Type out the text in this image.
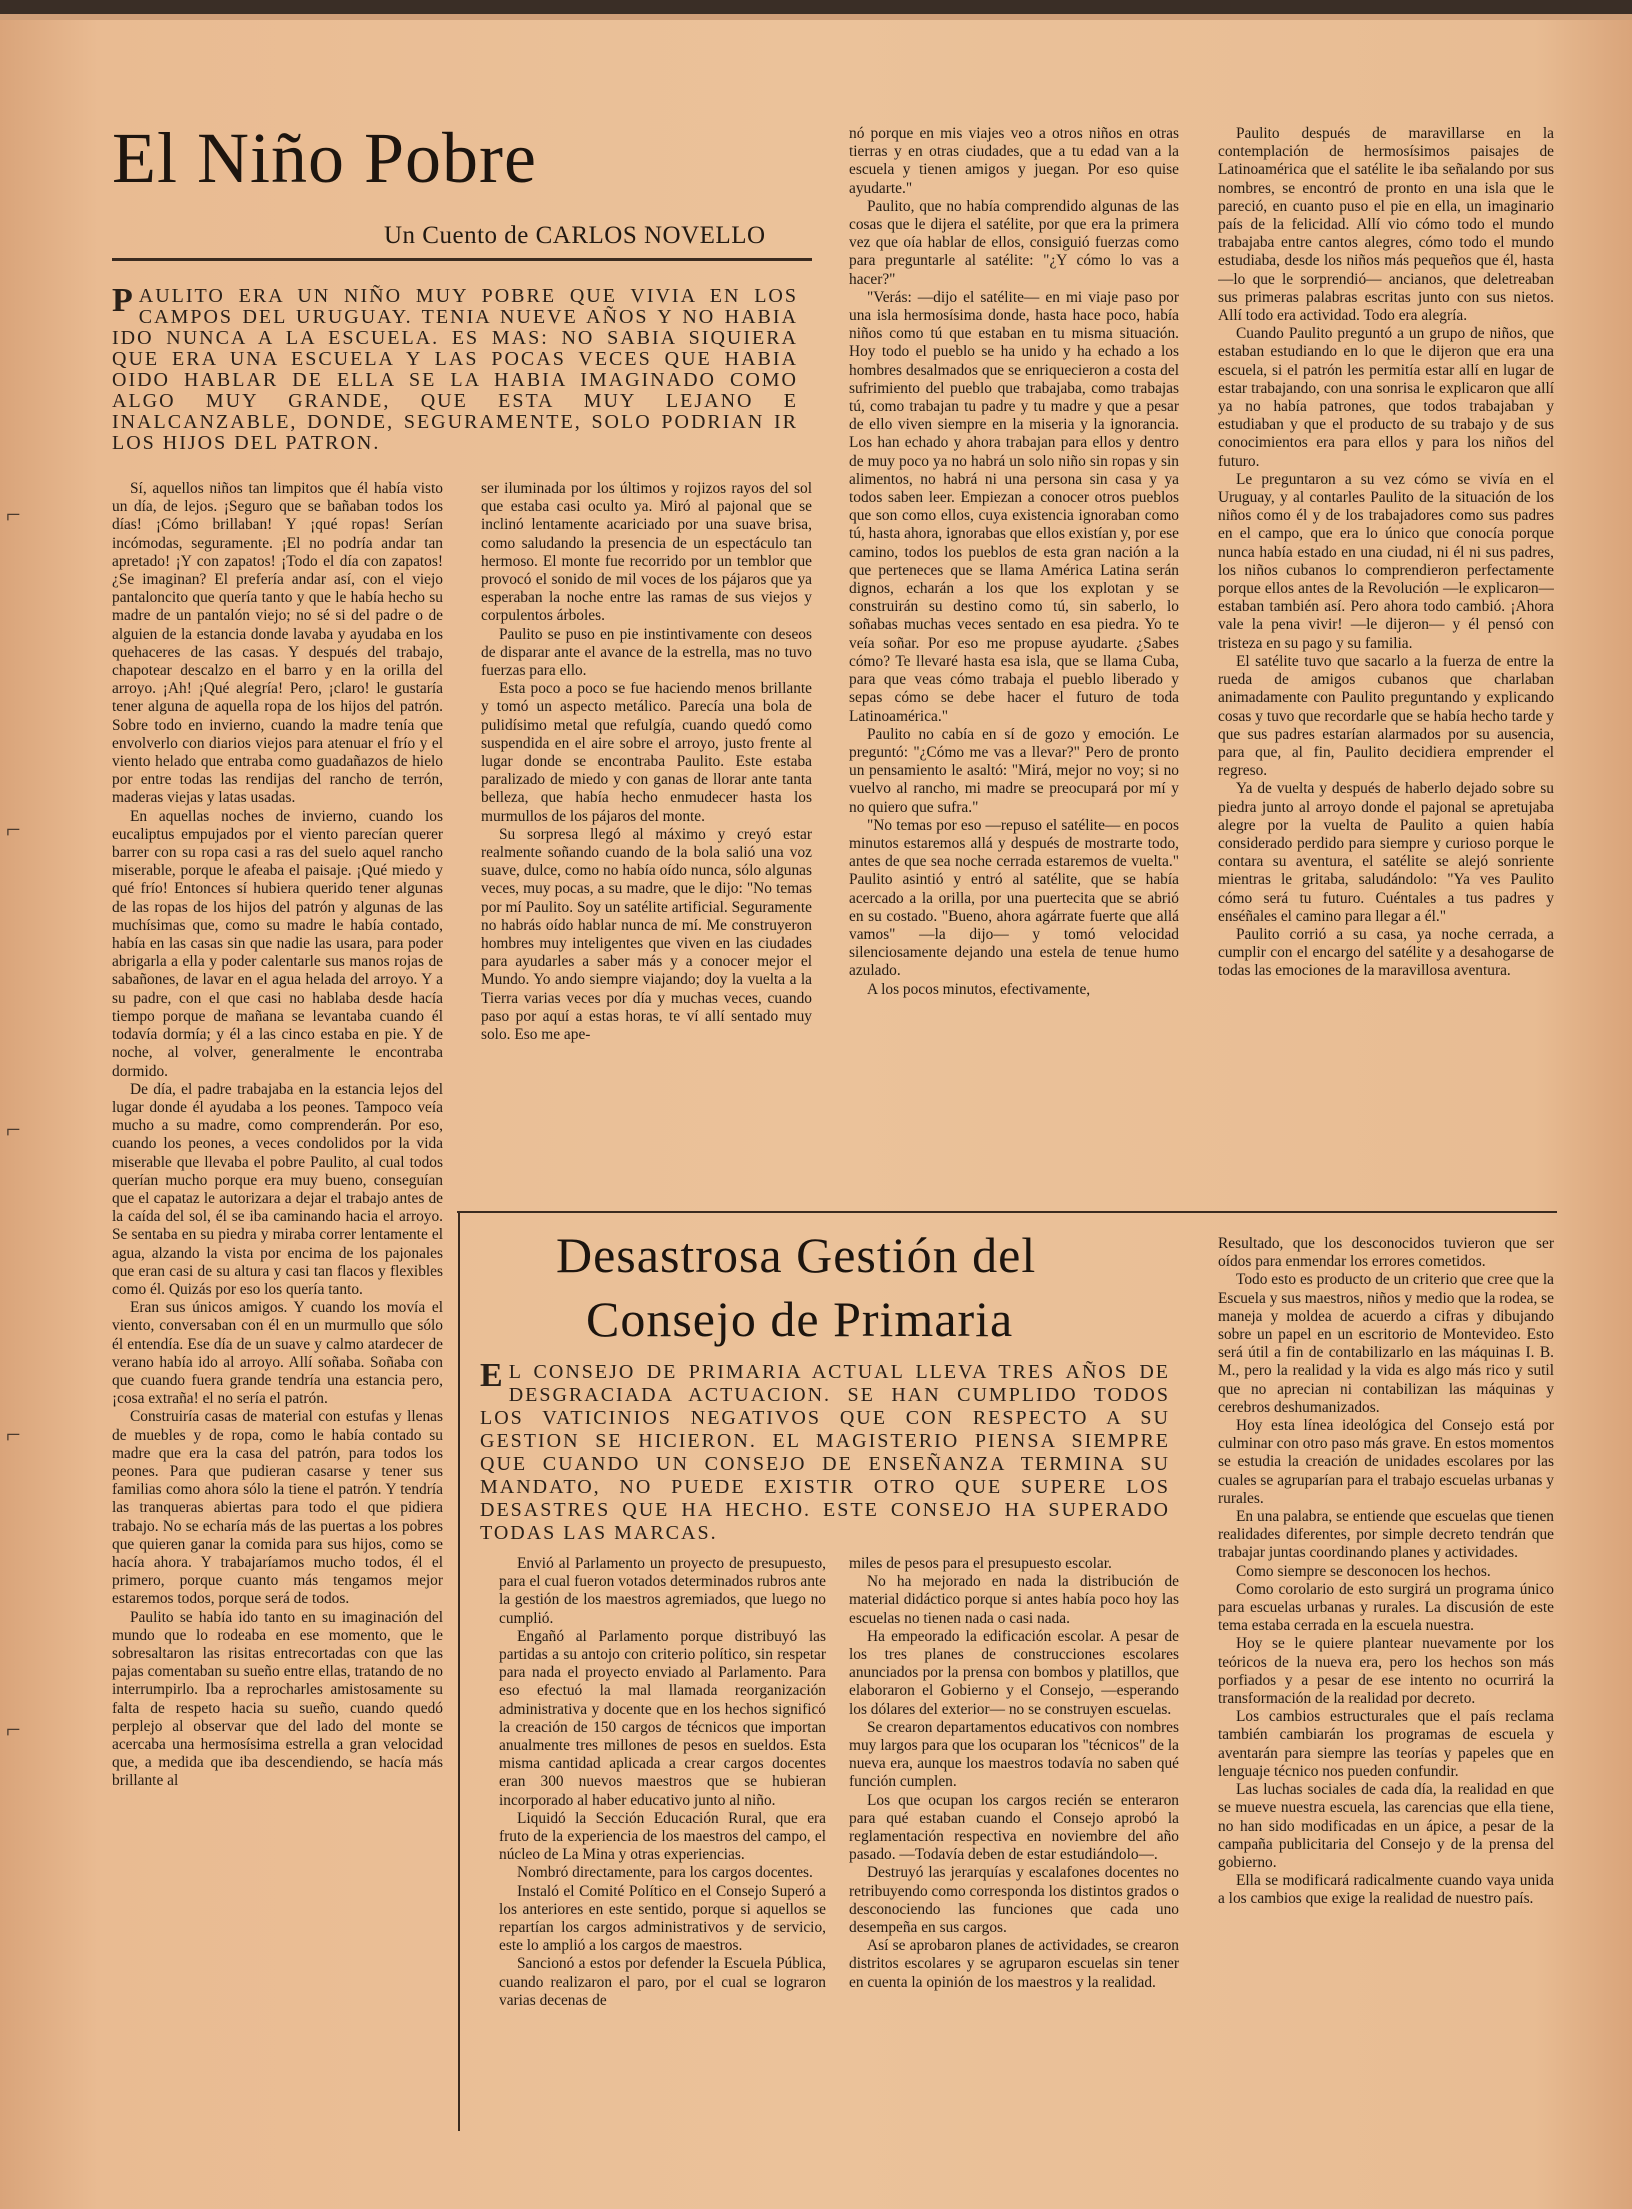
El Niño Pobre
Un Cuento de CARLOS NOVELLO
P AULITO ERA UN NIÑO MUY POBRE QUE VIVIA EN LOS CAMPOS DEL URUGUAY. TENIA NUEVE AÑOS Y NO HABIA IDO NUNCA A LA ESCUELA. ES MAS: NO SABIA SIQUIERA QUE ERA UNA ESCUELA Y LAS POCAS VECES QUE HABIA OIDO HABLAR DE ELLA SE LA HABIA IMAGINADO COMO ALGO MUY GRANDE, QUE ESTA MUY LEJANO E INALCANZABLE, DONDE, SEGURAMENTE, SOLO PODRIAN IR LOS HIJOS DEL PATRON.

Sí, aquellos niños tan limpitos que él había visto un día, de lejos. ¡Seguro que se bañaban todos los días! ¡Cómo brillaban! Y ¡qué ropas! Serían incómodas, seguramente. ¡El no podría andar tan apretado! ¡Y con zapatos! ¡Todo el día con zapatos! ¿Se imaginan? El prefería andar así, con el viejo pantaloncito que quería tanto y que le había hecho su madre de un pantalón viejo; no sé si del padre o de alguien de la estancia donde lavaba y ayudaba en los quehaceres de las casas. Y después del trabajo, chapotear descalzo en el barro y en la orilla del arroyo. ¡Ah! ¡Qué alegría! Pero, ¡claro! le gustaría tener alguna de aquella ropa de los hijos del patrón. Sobre todo en invierno, cuando la madre tenía que envolverlo con diarios viejos para atenuar el frío y el viento helado que entraba como guadañazos de hielo por entre todas las rendijas del rancho de terrón, maderas viejas y latas usadas.

En aquellas noches de invierno, cuando los eucaliptus empujados por el viento parecían querer barrer con su ropa casi a ras del suelo aquel rancho miserable, porque le afeaba el paisaje. ¡Qué miedo y qué frío! Entonces sí hubiera querido tener algunas de las ropas de los hijos del patrón y algunas de las muchísimas que, como su madre le había contado, había en las casas sin que nadie las usara, para poder abrigarla a ella y poder calentarle sus manos rojas de sabañones, de lavar en el agua helada del arroyo. Y a su padre, con el que casi no hablaba desde hacía tiempo porque de mañana se levantaba cuando él todavía dormía; y él a las cinco estaba en pie. Y de noche, al volver, generalmente le encontraba dormido.

De día, el padre trabajaba en la estancia lejos del lugar donde él ayudaba a los peones. Tampoco veía mucho a su madre, como comprenderán. Por eso, cuando los peones, a veces condolidos por la vida miserable que llevaba el pobre Paulito, al cual todos querían mucho porque era muy bueno, conseguían que el capataz le autorizara a dejar el trabajo antes de la caída del sol, él se iba caminando hacia el arroyo. Se sentaba en su piedra y miraba correr lentamente el agua, alzando la vista por encima de los pajonales que eran casi de su altura y casi tan flacos y flexibles como él. Quizás por eso los quería tanto.

Eran sus únicos amigos. Y cuando los movía el viento, conversaban con él en un murmullo que sólo él entendía. Ese día de un suave y calmo atardecer de verano había ido al arroyo. Allí soñaba. Soñaba con que cuando fuera grande tendría una estancia pero, ¡cosa extraña! el no sería el patrón.

Construiría casas de material con estufas y llenas de muebles y de ropa, como le había contado su madre que era la casa del patrón, para todos los peones. Para que pudieran casarse y tener sus familias como ahora sólo la tiene el patrón. Y tendría las tranqueras abiertas para todo el que pidiera trabajo. No se echaría más de las puertas a los pobres que quieren ganar la comida para sus hijos, como se hacía ahora. Y trabajaríamos mucho todos, él el primero, porque cuanto más tengamos mejor estaremos todos, porque será de todos.

Paulito se había ido tanto en su imaginación del mundo que lo rodeaba en ese momento, que le sobresaltaron las risitas entrecortadas con que las pajas comentaban su sueño entre ellas, tratando de no interrumpirlo. Iba a reprocharles amistosamente su falta de respeto hacia su sueño, cuando quedó perplejo al observar que del lado del monte se acercaba una hermosísima estrella a gran velocidad que, a medida que iba descendiendo, se hacía más brillante al

ser iluminada por los últimos y rojizos rayos del sol que estaba casi oculto ya. Miró al pajonal que se inclinó lentamente acariciado por una suave brisa, como saludando la presencia de un espectáculo tan hermoso. El monte fue recorrido por un temblor que provocó el sonido de mil voces de los pájaros que ya esperaban la noche entre las ramas de sus viejos y corpulentos árboles.

Paulito se puso en pie instintivamente con deseos de disparar ante el avance de la estrella, mas no tuvo fuerzas para ello.

Esta poco a poco se fue haciendo menos brillante y tomó un aspecto metálico. Parecía una bola de pulidísimo metal que refulgía, cuando quedó como suspendida en el aire sobre el arroyo, justo frente al lugar donde se encontraba Paulito. Este estaba paralizado de miedo y con ganas de llorar ante tanta belleza, que había hecho enmudecer hasta los murmullos de los pájaros del monte.

Su sorpresa llegó al máximo y creyó estar realmente soñando cuando de la bola salió una voz suave, dulce, como no había oído nunca, sólo algunas veces, muy pocas, a su madre, que le dijo: "No temas por mí Paulito. Soy un satélite artificial. Seguramente no habrás oído hablar nunca de mí. Me construyeron hombres muy inteligentes que viven en las ciudades para ayudarles a saber más y a conocer mejor el Mundo. Yo ando siempre viajando; doy la vuelta a la Tierra varias veces por día y muchas veces, cuando paso por aquí a estas horas, te ví allí sentado muy solo. Eso me ape-

nó porque en mis viajes veo a otros niños en otras tierras y en otras ciudades, que a tu edad van a la escuela y tienen amigos y juegan. Por eso quise ayudarte."

Paulito, que no había comprendido algunas de las cosas que le dijera el satélite, por que era la primera vez que oía hablar de ellos, consiguió fuerzas como para preguntarle al satélite: "¿Y cómo lo vas a hacer?"

"Verás: —dijo el satélite— en mi viaje paso por una isla hermosísima donde, hasta hace poco, había niños como tú que estaban en tu misma situación. Hoy todo el pueblo se ha unido y ha echado a los hombres desalmados que se enriquecieron a costa del sufrimiento del pueblo que trabajaba, como trabajas tú, como trabajan tu padre y tu madre y que a pesar de ello viven siempre en la miseria y la ignorancia. Los han echado y ahora trabajan para ellos y dentro de muy poco ya no habrá un solo niño sin ropas y sin alimentos, no habrá ni una persona sin casa y ya todos saben leer. Empiezan a conocer otros pueblos que son como ellos, cuya existencia ignoraban como tú, hasta ahora, ignorabas que ellos existían y, por ese camino, todos los pueblos de esta gran nación a la que perteneces que se llama América Latina serán dignos, echarán a los que los explotan y se construirán su destino como tú, sin saberlo, lo soñabas muchas veces sentado en esa piedra. Yo te veía soñar. Por eso me propuse ayudarte. ¿Sabes cómo? Te llevaré hasta esa isla, que se llama Cuba, para que veas cómo trabaja el pueblo liberado y sepas cómo se debe hacer el futuro de toda Latinoamérica."

Paulito no cabía en sí de gozo y emoción. Le preguntó: "¿Cómo me vas a llevar?" Pero de pronto un pensamiento le asaltó: "Mirá, mejor no voy; si no vuelvo al rancho, mi madre se preocupará por mí y no quiero que sufra."

"No temas por eso —repuso el satélite— en pocos minutos estaremos allá y después de mostrarte todo, antes de que sea noche cerrada estaremos de vuelta." Paulito asintió y entró al satélite, que se había acercado a la orilla, por una puertecita que se abrió en su costado. "Bueno, ahora agárrate fuerte que allá vamos" —la dijo— y tomó velocidad silenciosamente dejando una estela de tenue humo azulado.

A los pocos minutos, efectivamente,

Paulito después de maravillarse en la contemplación de hermosísimos paisajes de Latinoamérica que el satélite le iba señalando por sus nombres, se encontró de pronto en una isla que le pareció, en cuanto puso el pie en ella, un imaginario país de la felicidad. Allí vio cómo todo el mundo trabajaba entre cantos alegres, cómo todo el mundo estudiaba, desde los niños más pequeños que él, hasta —lo que le sorprendió— ancianos, que deletreaban sus primeras palabras escritas junto con sus nietos. Allí todo era actividad. Todo era alegría.

Cuando Paulito preguntó a un grupo de niños, que estaban estudiando en lo que le dijeron que era una escuela, si el patrón les permitía estar allí en lugar de estar trabajando, con una sonrisa le explicaron que allí ya no había patrones, que todos trabajaban y estudiaban y que el producto de su trabajo y de sus conocimientos era para ellos y para los niños del futuro.

Le preguntaron a su vez cómo se vivía en el Uruguay, y al contarles Paulito de la situación de los niños como él y de los trabajadores como sus padres en el campo, que era lo único que conocía porque nunca había estado en una ciudad, ni él ni sus padres, los niños cubanos lo comprendieron perfectamente porque ellos antes de la Revolución —le explicaron— estaban también así. Pero ahora todo cambió. ¡Ahora vale la pena vivir! —le dijeron— y él pensó con tristeza en su pago y su familia.

El satélite tuvo que sacarlo a la fuerza de entre la rueda de amigos cubanos que charlaban animadamente con Paulito preguntando y explicando cosas y tuvo que recordarle que se había hecho tarde y que sus padres estarían alarmados por su ausencia, para que, al fin, Paulito decidiera emprender el regreso.

Ya de vuelta y después de haberlo dejado sobre su piedra junto al arroyo donde el pajonal se apretujaba alegre por la vuelta de Paulito a quien había considerado perdido para siempre y curioso porque le contara su aventura, el satélite se alejó sonriente mientras le gritaba, saludándolo: "Ya ves Paulito cómo será tu futuro. Cuéntales a tus padres y enséñales el camino para llegar a él."

Paulito corrió a su casa, ya noche cerrada, a cumplir con el encargo del satélite y a desahogarse de todas las emociones de la maravillosa aventura.

Desastrosa Gestión del
Consejo de Primaria
E L CONSEJO DE PRIMARIA ACTUAL LLEVA TRES AÑOS DE DESGRACIADA ACTUACION. SE HAN CUMPLIDO TODOS LOS VATICINIOS NEGATIVOS QUE CON RESPECTO A SU GESTION SE HICIERON. EL MAGISTERIO PIENSA SIEMPRE QUE CUANDO UN CONSEJO DE ENSEÑANZA TERMINA SU MANDATO, NO PUEDE EXISTIR OTRO QUE SUPERE LOS DESASTRES QUE HA HECHO. ESTE CONSEJO HA SUPERADO TODAS LAS MARCAS.

Envió al Parlamento un proyecto de presupuesto, para el cual fueron votados determinados rubros ante la gestión de los maestros agremiados, que luego no cumplió.

Engañó al Parlamento porque distribuyó las partidas a su antojo con criterio político, sin respetar para nada el proyecto enviado al Parlamento. Para eso efectuó la mal llamada reorganización administrativa y docente que en los hechos significó la creación de 150 cargos de técnicos que importan anualmente tres millones de pesos en sueldos. Esta misma cantidad aplicada a crear cargos docentes eran 300 nuevos maestros que se hubieran incorporado al haber educativo junto al niño.

Liquidó la Sección Educación Rural, que era fruto de la experiencia de los maestros del campo, el núcleo de La Mina y otras experiencias.

Nombró directamente, para los cargos docentes.

Instaló el Comité Político en el Consejo Superó a los anteriores en este sentido, porque si aquellos se repartían los cargos administrativos y de servicio, este lo amplió a los cargos de maestros.

Sancionó a estos por defender la Escuela Pública, cuando realizaron el paro, por el cual se lograron varias decenas de

miles de pesos para el presupuesto escolar.

No ha mejorado en nada la distribución de material didáctico porque si antes había poco hoy las escuelas no tienen nada o casi nada.

Ha empeorado la edificación escolar. A pesar de los tres planes de construcciones escolares anunciados por la prensa con bombos y platillos, que elaboraron el Gobierno y el Consejo, —esperando los dólares del exterior— no se construyen escuelas.

Se crearon departamentos educativos con nombres muy largos para que los ocuparan los "técnicos" de la nueva era, aunque los maestros todavía no saben qué función cumplen.

Los que ocupan los cargos recién se enteraron para qué estaban cuando el Consejo aprobó la reglamentación respectiva en noviembre del año pasado. —Todavía deben de estar estudiándolo—.

Destruyó las jerarquías y escalafones docentes no retribuyendo como corresponda los distintos grados o desconociendo las funciones que cada uno desempeña en sus cargos.

Así se aprobaron planes de actividades, se crearon distritos escolares y se agruparon escuelas sin tener en cuenta la opinión de los maestros y la realidad.

Resultado, que los desconocidos tuvieron que ser oídos para enmendar los errores cometidos.

Todo esto es producto de un criterio que cree que la Escuela y sus maestros, niños y medio que la rodea, se maneja y moldea de acuerdo a cifras y dibujando sobre un papel en un escritorio de Montevideo. Esto será útil a fin de contabilizarlo en las máquinas I. B. M., pero la realidad y la vida es algo más rico y sutil que no aprecian ni contabilizan las máquinas y cerebros deshumanizados.

Hoy esta línea ideológica del Consejo está por culminar con otro paso más grave. En estos momentos se estudia la creación de unidades escolares por las cuales se agruparían para el trabajo escuelas urbanas y rurales.

En una palabra, se entiende que escuelas que tienen realidades diferentes, por simple decreto tendrán que trabajar juntas coordinando planes y actividades.

Como siempre se desconocen los hechos.

Como corolario de esto surgirá un programa único para escuelas urbanas y rurales. La discusión de este tema estaba cerrada en la escuela nuestra.

Hoy se le quiere plantear nuevamente por los teóricos de la nueva era, pero los hechos son más porfiados y a pesar de ese intento no ocurrirá la transformación de la realidad por decreto.

Los cambios estructurales que el país reclama también cambiarán los programas de escuela y aventarán para siempre las teorías y papeles que en lenguaje técnico nos pueden confundir.

Las luchas sociales de cada día, la realidad en que se mueve nuestra escuela, las carencias que ella tiene, no han sido modificadas en un ápice, a pesar de la campaña publicitaria del Consejo y de la prensa del gobierno.

Ella se modificará radicalmente cuando vaya unida a los cambios que exige la realidad de nuestro país.

⌐
⌐
⌐
⌐
⌐
